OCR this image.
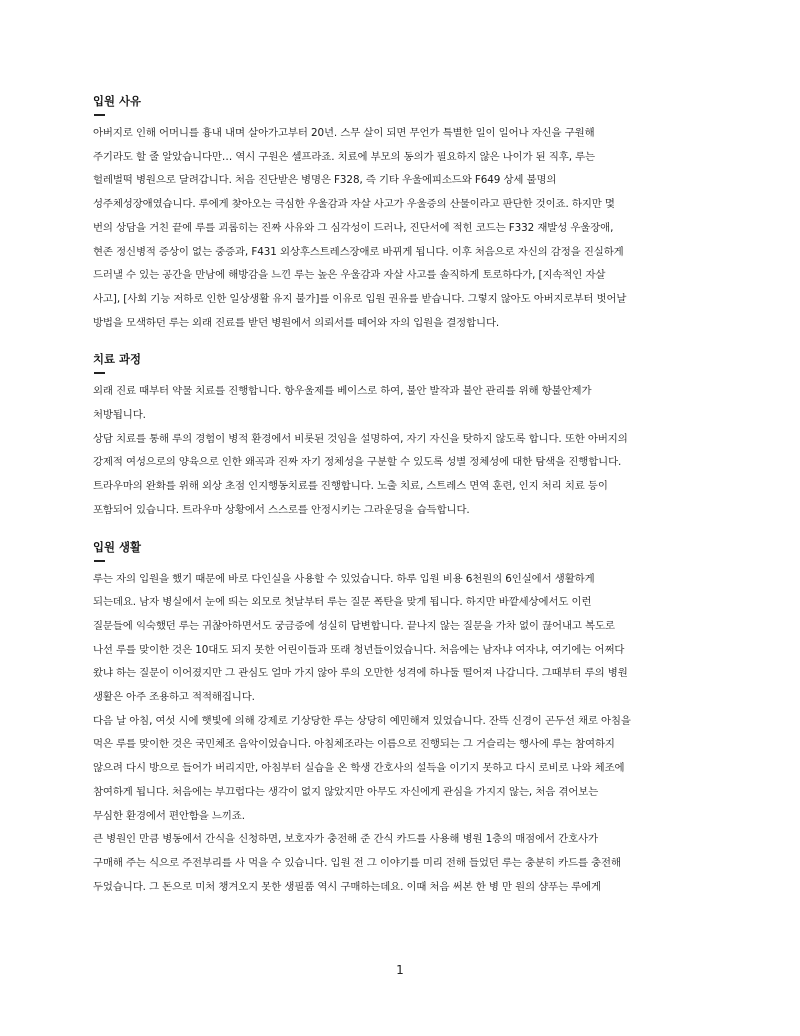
입원 사유

아버지로 인해 어머니를 흉내 내며 살아가고부터 20년. 스무 살이 되면 무언가 특별한 일이 일어나 자신을 구원해

주기라도 할 줄 알았습니다만… 역시 구원은 셀프라죠. 치료에 부모의 동의가 필요하지 않은 나이가 된 직후, 루는

헐레벌떡 병원으로 달려갑니다. 처음 진단받은 병명은 F328, 즉 기타 우울에피소드와 F649 상세 불명의

성주체성장애였습니다. 루에게 찾아오는 극심한 우울감과 자살 사고가 우울증의 산물이라고 판단한 것이죠. 하지만 몇

번의 상담을 거친 끝에 루를 괴롭히는 진짜 사유와 그 심각성이 드러나, 진단서에 적힌 코드는 F332 재발성 우울장애,

현존 정신병적 증상이 없는 중증과, F431 외상후스트레스장애로 바뀌게 됩니다. 이후 처음으로 자신의 감정을 진실하게

드러낼 수 있는 공간을 만남에 해방감을 느낀 루는 높은 우울감과 자살 사고를 솔직하게 토로하다가, [지속적인 자살

사고], [사회 기능 저하로 인한 일상생활 유지 불가]를 이유로 입원 권유를 받습니다. 그렇지 않아도 아버지로부터 벗어날

방법을 모색하던 루는 외래 진료를 받던 병원에서 의뢰서를 떼어와 자의 입원을 결정합니다.

치료 과정

외래 진료 때부터 약물 치료를 진행합니다. 항우울제를 베이스로 하여, 불안 발작과 불안 관리를 위해 항불안제가

처방됩니다.

상담 치료를 통해 루의 경험이 병적 환경에서 비롯된 것임을 설명하여, 자기 자신을 탓하지 않도록 합니다. 또한 아버지의

강제적 여성으로의 양육으로 인한 왜곡과 진짜 자기 정체성을 구분할 수 있도록 성별 정체성에 대한 탐색을 진행합니다.

트라우마의 완화를 위해 외상 초점 인지행동치료를 진행합니다. 노출 치료, 스트레스 면역 훈련, 인지 처리 치료 등이

포함되어 있습니다. 트라우마 상황에서 스스로를 안정시키는 그라운딩을 습득합니다.

입원 생활

루는 자의 입원을 했기 때문에 바로 다인실을 사용할 수 있었습니다. 하루 입원 비용 6천원의 6인실에서 생활하게

되는데요. 남자 병실에서 눈에 띄는 외모로 첫날부터 루는 질문 폭탄을 맞게 됩니다. 하지만 바깥세상에서도 이런

질문들에 익숙했던 루는 귀찮아하면서도 궁금증에 성실히 답변합니다. 끝나지 않는 질문을 가차 없이 끊어내고 복도로

나선 루를 맞이한 것은 10대도 되지 못한 어린이들과 또래 청년들이었습니다. 처음에는 남자냐 여자냐, 여기에는 어쩌다

왔냐 하는 질문이 이어졌지만 그 관심도 얼마 가지 않아 루의 오만한 성격에 하나둘 떨어져 나갑니다. 그때부터 루의 병원

생활은 아주 조용하고 적적해집니다.

다음 날 아침, 여섯 시에 햇빛에 의해 강제로 기상당한 루는 상당히 예민해져 있었습니다. 잔뜩 신경이 곤두선 채로 아침을

먹은 루를 맞이한 것은 국민체조 음악이었습니다. 아침체조라는 이름으로 진행되는 그 거슬리는 행사에 루는 참여하지

않으려 다시 방으로 들어가 버리지만, 아침부터 실습을 온 학생 간호사의 설득을 이기지 못하고 다시 로비로 나와 체조에

참여하게 됩니다. 처음에는 부끄럽다는 생각이 없지 않았지만 아무도 자신에게 관심을 가지지 않는, 처음 겪어보는

무심한 환경에서 편안함을 느끼죠.

큰 병원인 만큼 병동에서 간식을 신청하면, 보호자가 충전해 준 간식 카드를 사용해 병원 1층의 매점에서 간호사가

구매해 주는 식으로 주전부리를 사 먹을 수 있습니다. 입원 전 그 이야기를 미리 전해 들었던 루는 충분히 카드를 충전해

두었습니다. 그 돈으로 미처 챙겨오지 못한 생필품 역시 구매하는데요. 이때 처음 써본 한 병 만 원의 샴푸는 루에게

1
